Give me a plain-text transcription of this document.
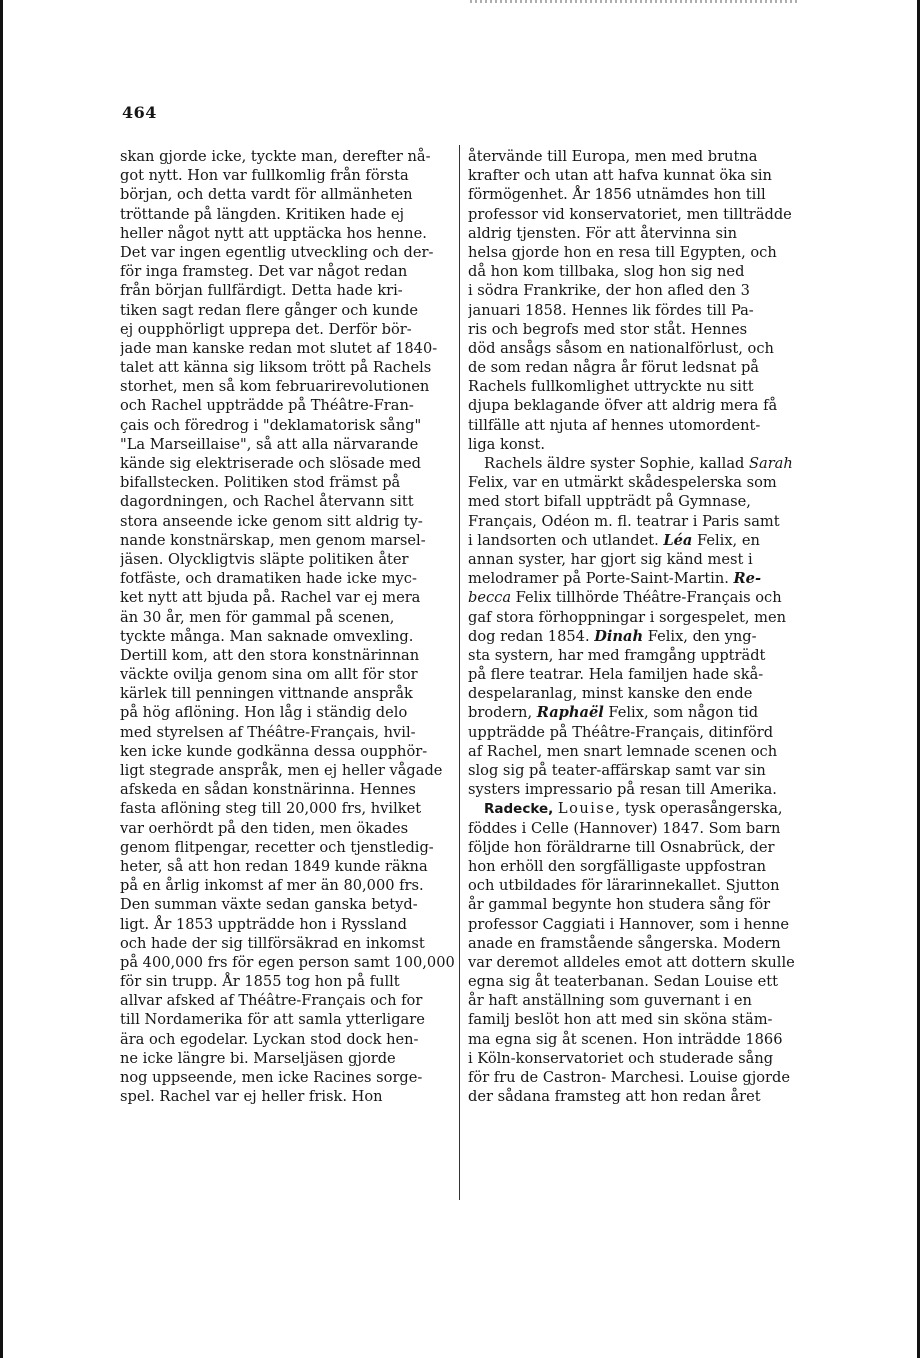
464
skan gjorde icke, tyckte man, derefter nå-
got nytt. Hon var fullkomlig från första
början, och detta vardt för allmänheten
tröttande på längden. Kritiken hade ej
heller något nytt att upptäcka hos henne.
Det var ingen egentlig utveckling och der-
för inga framsteg. Det var något redan
från början fullfärdigt. Detta hade kri-
tiken sagt redan flere gånger och kunde
ej oupphörligt upprepa det. Derför bör-
jade man kanske redan mot slutet af 1840-
talet att känna sig liksom trött på Rachels
storhet, men så kom februarirevolutionen
och Rachel uppträdde på Théâtre-Fran-
çais och föredrog i "deklamatorisk sång"
"La Marseillaise", så att alla närvarande
kände sig elektriserade och slösade med
bifallstecken. Politiken stod främst på
dagordningen, och Rachel återvann sitt
stora anseende icke genom sitt aldrig ty-
nande konstnärskap, men genom marsel-
jäsen. Olyckligtvis släpte politiken åter
fotfäste, och dramatiken hade icke myc-
ket nytt att bjuda på. Rachel var ej mera
än 30 år, men för gammal på scenen,
tyckte många. Man saknade omvexling.
Dertill kom, att den stora konstnärinnan
väckte ovilja genom sina om allt för stor
kärlek till penningen vittnande anspråk
på hög aflöning. Hon låg i ständig delo
med styrelsen af Théâtre-Français, hvil-
ken icke kunde godkänna dessa oupphör-
ligt stegrade anspråk, men ej heller vågade
afskeda en sådan konstnärinna. Hennes
fasta aflöning steg till 20,000 frs, hvilket
var oerhördt på den tiden, men ökades
genom flitpengar, recetter och tjenstledig-
heter, så att hon redan 1849 kunde räkna
på en årlig inkomst af mer än 80,000 frs.
Den summan växte sedan ganska betyd-
ligt. År 1853 uppträdde hon i Ryssland
och hade der sig tillförsäkrad en inkomst
på 400,000 frs för egen person samt 100,000
för sin trupp. År 1855 tog hon på fullt
allvar afsked af Théâtre-Français och for
till Nordamerika för att samla ytterligare
ära och egodelar. Lyckan stod dock hen-
ne icke längre bi. Marseljäsen gjorde
nog uppseende, men icke Racines sorge-
spel. Rachel var ej heller frisk. Hon
återvände till Europa, men med brutna
krafter och utan att hafva kunnat öka sin
förmögenhet. År 1856 utnämdes hon till
professor vid konservatoriet, men tillträdde
aldrig tjensten. För att återvinna sin
helsa gjorde hon en resa till Egypten, och
då hon kom tillbaka, slog hon sig ned
i södra Frankrike, der hon afled den 3
januari 1858. Hennes lik fördes till Pa-
ris och begrofs med stor ståt. Hennes
död ansågs såsom en nationalförlust, och
de som redan några år förut ledsnat på
Rachels fullkomlighet uttryckte nu sitt
djupa beklagande öfver att aldrig mera få
tillfälle att njuta af hennes utomordent-
liga konst.
Rachels äldre syster Sophie, kallad Sarah
Felix, var en utmärkt skådespelerska som
med stort bifall uppträdt på Gymnase,
Français, Odéon m. fl. teatrar i Paris samt
i landsorten och utlandet. Léa Felix, en
annan syster, har gjort sig känd mest i
melodramer på Porte-Saint-Martin. Re-
becca Felix tillhörde Théâtre-Français och
gaf stora förhoppningar i sorgespelet, men
dog redan 1854. Dinah Felix, den yng-
sta systern, har med framgång uppträdt
på flere teatrar. Hela familjen hade skå-
despelaranlag, minst kanske den ende
brodern, Raphaël Felix, som någon tid
uppträdde på Théâtre-Français, ditinförd
af Rachel, men snart lemnade scenen och
slog sig på teater-affärskap samt var sin
systers impressario på resan till Amerika.
Radecke, Louise, tysk operasångerska,
föddes i Celle (Hannover) 1847. Som barn
följde hon föräldrarne till Osnabrück, der
hon erhöll den sorgfälligaste uppfostran
och utbildades för lärarinnekallet. Sjutton
år gammal begynte hon studera sång för
professor Caggiati i Hannover, som i henne
anade en framstående sångerska. Modern
var deremot alldeles emot att dottern skulle
egna sig åt teaterbanan. Sedan Louise ett
år haft anställning som guvernant i en
familj beslöt hon att med sin sköna stäm-
ma egna sig åt scenen. Hon inträdde 1866
i Köln-konservatoriet och studerade sång
för fru de Castron- Marchesi. Louise gjorde
der sådana framsteg att hon redan året
